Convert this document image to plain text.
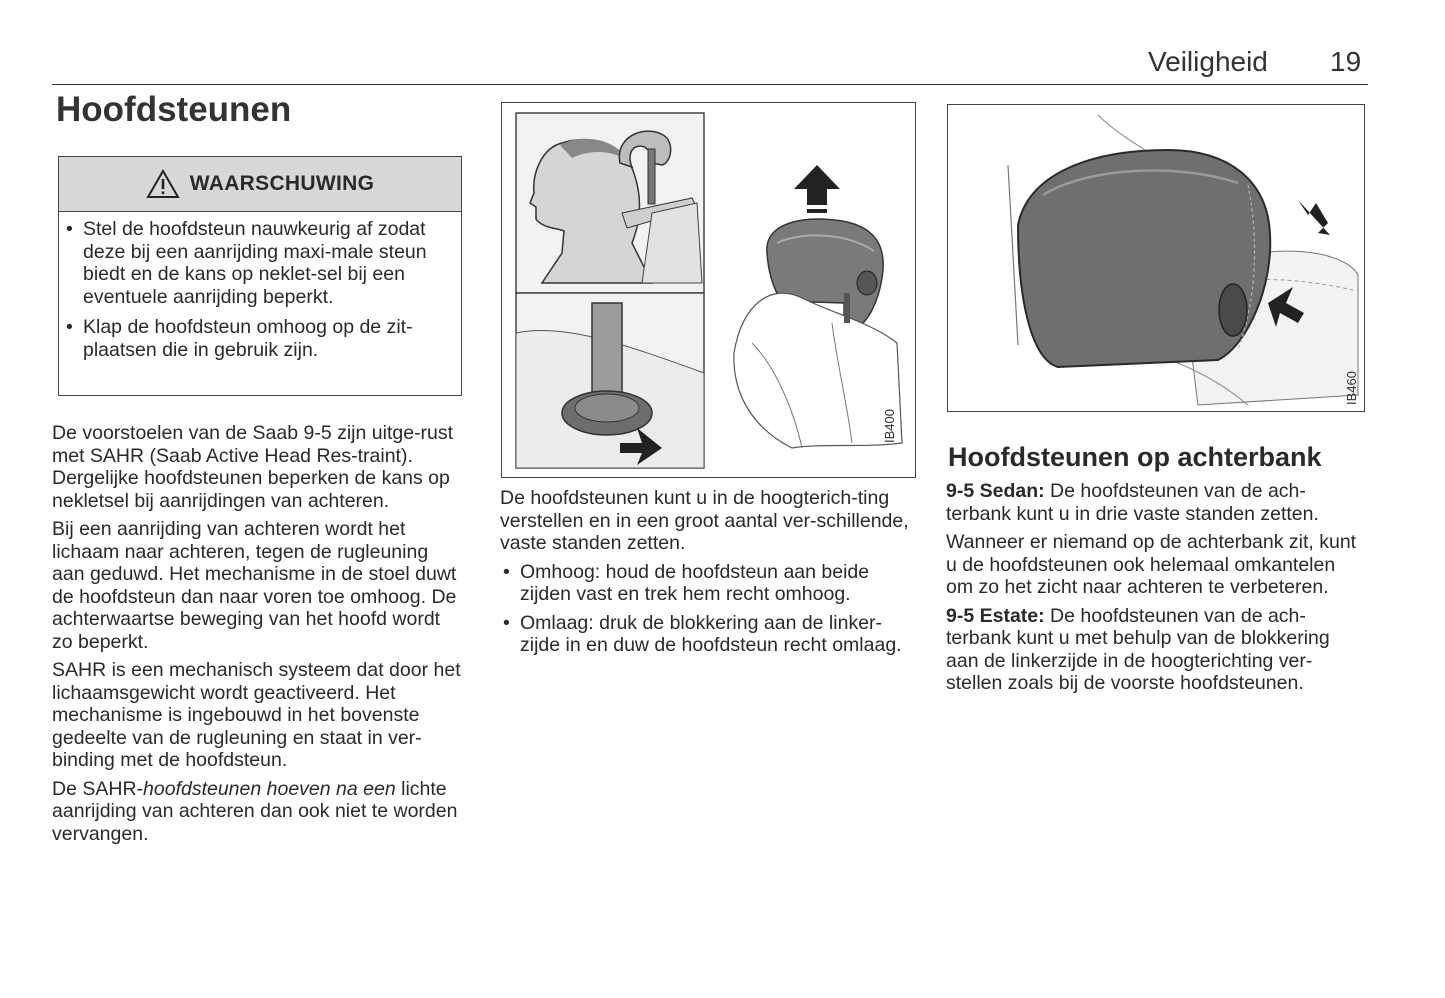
Veiligheid 19
Hoofdsteunen
WAARSCHUWING
• Stel de hoofdsteun nauwkeurig af zodat deze bij een aanrijding maxi-male steun biedt en de kans op neklet-sel bij een eventuele aanrijding beperkt.
• Klap de hoofdsteun omhoog op de zit-plaatsen die in gebruik zijn.

De voorstoelen van de Saab 9-5 zijn uitge-rust met SAHR (Saab Active Head Res-traint). Dergelijke hoofdsteunen beperken de kans op nekletsel bij aanrijdingen van achteren.

Bij een aanrijding van achteren wordt het lichaam naar achteren, tegen de rugleuning aan geduwd. Het mechanisme in de stoel duwt de hoofdsteun dan naar voren toe omhoog. De achterwaartse beweging van het hoofd wordt zo beperkt.

SAHR is een mechanisch systeem dat door het lichaamsgewicht wordt geactiveerd. Het mechanisme is ingebouwd in het bovenste gedeelte van de rugleuning en staat in ver-binding met de hoofdsteun.

De SAHR-hoofdsteunen hoeven na een lichte aanrijding van achteren dan ook niet te worden vervangen.

IB400

De hoofdsteunen kunt u in de hoogterich-ting verstellen en in een groot aantal ver-schillende, vaste standen zetten.

• Omhoog: houd de hoofdsteun aan beide zijden vast en trek hem recht omhoog.
• Omlaag: druk de blokkering aan de linker-zijde in en duw de hoofdsteun recht omlaag.
IB460
Hoofdsteunen op achterbank

9-5 Sedan: De hoofdsteunen van de ach-terbank kunt u in drie vaste standen zetten.

Wanneer er niemand op de achterbank zit, kunt u de hoofdsteunen ook helemaal omkantelen om zo het zicht naar achteren te verbeteren.

9-5 Estate: De hoofdsteunen van de ach-terbank kunt u met behulp van de blokkering aan de linkerzijde in de hoogterichting ver-stellen zoals bij de voorste hoofdsteunen.
